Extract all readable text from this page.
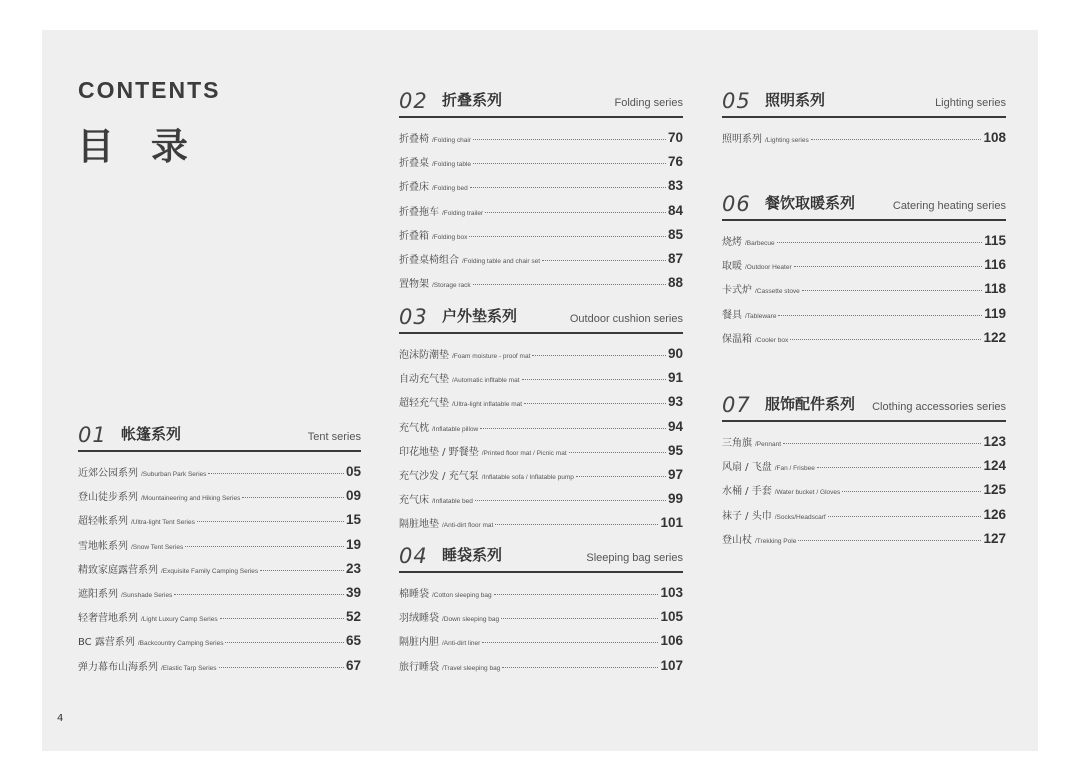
CONTENTS
目 录
01 帐篷系列	Tent series
近郊公园系列 /Suburban Park Series	05
登山徒步系列 /Mountaineering and Hiking Series	09
超轻帐系列 /Ultra-light Tent Series	15
雪地帐系列 /Snow Tent Series	19
精致家庭露营系列 /Exquisite Family Camping Series	23
遮阳系列 /Sunshade Series	39
轻奢营地系列 /Light Luxury Camp Series	52
BC 露营系列 /Backcountry Camping Series	65
弹力幕布山海系列 /Elastic Tarp Series	67
02 折叠系列	Folding series
折叠椅 /Folding chair	70
折叠桌 /Folding table	76
折叠床 /Folding bed	83
折叠拖车 /Folding trailer	84
折叠箱 /Folding box	85
折叠桌椅组合 /Folding table and chair set	87
置物架 /Storage rack	88
03 户外垫系列	Outdoor cushion series
泡沫防潮垫 /Foam moisture - proof mat	90
自动充气垫 /Automatic infltable mat	91
超轻充气垫 /Ultra-light inflatable mat	93
充气枕 /Inflatable pillow	94
印花地垫 / 野餐垫 /Printed floor mat / Picnic mat	95
充气沙发 / 充气泵 /Inflatable sofa / Inflatable pump	97
充气床 /Inflatable bed	99
隔脏地垫 /Anti-dirt floor mat	101
04 睡袋系列	Sleeping bag series
棉睡袋 /Cotton sleeping bag	103
羽绒睡袋 /Down sleeping bag	105
隔脏内胆 /Anti-dirt liner	106
旅行睡袋 /Travel sleeping bag	107
05 照明系列	Lighting series
照明系列 /Lighting series	108
06 餐饮取暖系列	Catering heating series
烧烤 /Barbecue	115
取暖 /Outdoor Heater	116
卡式炉 /Cassette stove	118
餐具 /Tableware	119
保温箱 /Cooler box	122
07 服饰配件系列 Clothing accessories series
三角旗 /Pennant	123
风扇 / 飞盘 /Fan / Frisbee	124
水桶 / 手套 /Water bucket / Gloves	125
袜子 / 头巾 /Socks/Headscarf	126
登山杖 /Trekking Pole	127
4
